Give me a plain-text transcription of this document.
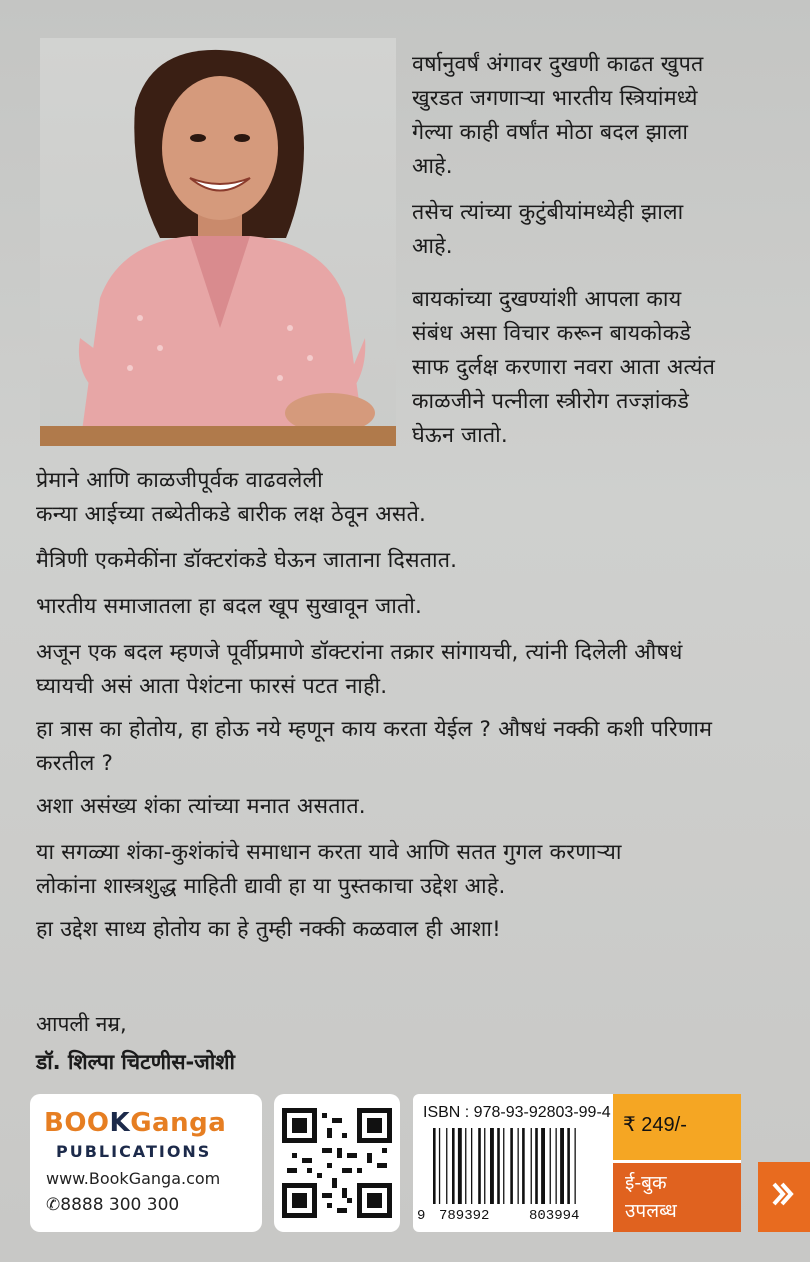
वर्षानुवर्षं अंगावर दुखणी काढत खुपत
खुरडत जगणाऱ्या भारतीय स्त्रियांमध्ये
गेल्या काही वर्षांत मोठा बदल झाला
आहे.

तसेच त्यांच्या कुटुंबीयांमध्येही झाला
आहे.

बायकांच्या दुखण्यांशी आपला काय
संबंध असा विचार करून बायकोकडे
साफ दुर्लक्ष करणारा नवरा आता अत्यंत
काळजीने पत्नीला स्त्रीरोग तज्ज्ञांकडे
घेऊन जातो.

प्रेमाने आणि काळजीपूर्वक वाढवलेली
कन्या आईच्या तब्येतीकडे बारीक लक्ष ठेवून असते.

मैत्रिणी एकमेकींना डॉक्टरांकडे घेऊन जाताना दिसतात.

भारतीय समाजातला हा बदल खूप सुखावून जातो.

अजून एक बदल म्हणजे पूर्वीप्रमाणे डॉक्टरांना तक्रार सांगायची, त्यांनी दिलेली औषधं
घ्यायची असं आता पेशंटना फारसं पटत नाही.

हा त्रास का होतोय, हा होऊ नये म्हणून काय करता येईल ? औषधं नक्की कशी परिणाम
करतील ?

अशा असंख्य शंका त्यांच्या मनात असतात.

या सगळ्या शंका-कुशंकांचे समाधान करता यावे आणि सतत गुगल करणाऱ्या
लोकांना शास्त्रशुद्ध माहिती द्यावी हा या पुस्तकाचा उद्देश आहे.

हा उद्देश साध्य होतोय का हे तुम्ही नक्की कळवाल ही आशा!

आपली नम्र,
डॉ. शिल्पा चिटणीस-जोशी
BOOKGanga
PUBLICATIONS
www.BookGanga.com
✆8888 300 300
ISBN : 978-93-92803-99-4
9 789392	803994
₹ 249/-
ई-बुक
उपलब्ध
